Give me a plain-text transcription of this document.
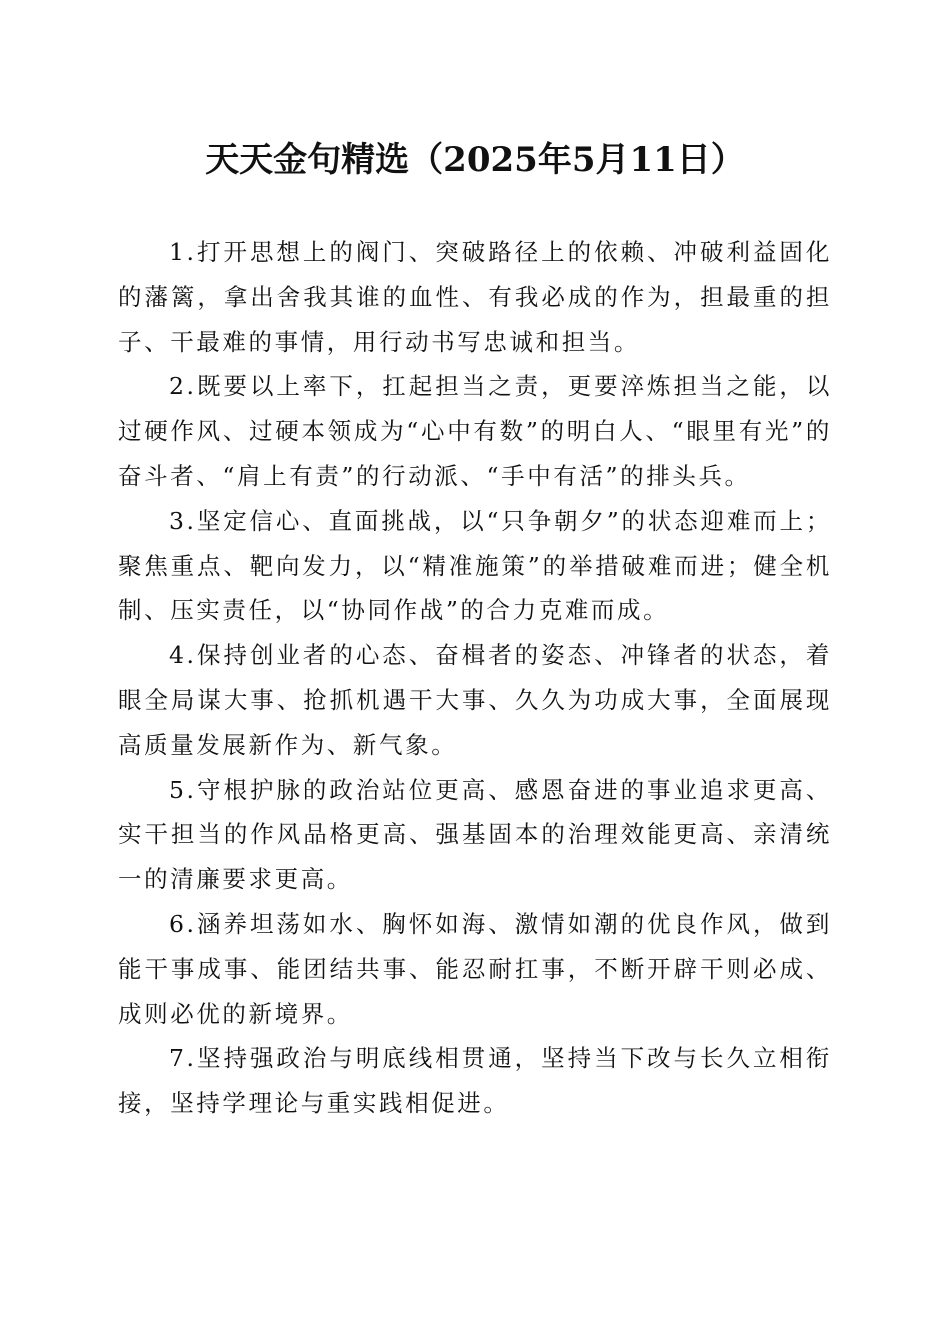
天天金句精选（2025年5月11日）

1.打开思想上的阀门、突破路径上的依赖、冲破利益固化的藩篱，拿出舍我其谁的血性、有我必成的作为，担最重的担子、干最难的事情，用行动书写忠诚和担当。

2.既要以上率下，扛起担当之责，更要淬炼担当之能，以过硬作风、过硬本领成为“心中有数”的明白人、“眼里有光”的奋斗者、“肩上有责”的行动派、“手中有活”的排头兵。

3.坚定信心、直面挑战，以“只争朝夕”的状态迎难而上；聚焦重点、靶向发力，以“精准施策”的举措破难而进；健全机制、压实责任，以“协同作战”的合力克难而成。

4.保持创业者的心态、奋楫者的姿态、冲锋者的状态，着眼全局谋大事、抢抓机遇干大事、久久为功成大事，全面展现高质量发展新作为、新气象。

5.守根护脉的政治站位更高、感恩奋进的事业追求更高、实干担当的作风品格更高、强基固本的治理效能更高、亲清统一的清廉要求更高。

6.涵养坦荡如水、胸怀如海、激情如潮的优良作风，做到能干事成事、能团结共事、能忍耐扛事，不断开辟干则必成、成则必优的新境界。

7.坚持强政治与明底线相贯通，坚持当下改与长久立相衔接，坚持学理论与重实践相促进。
